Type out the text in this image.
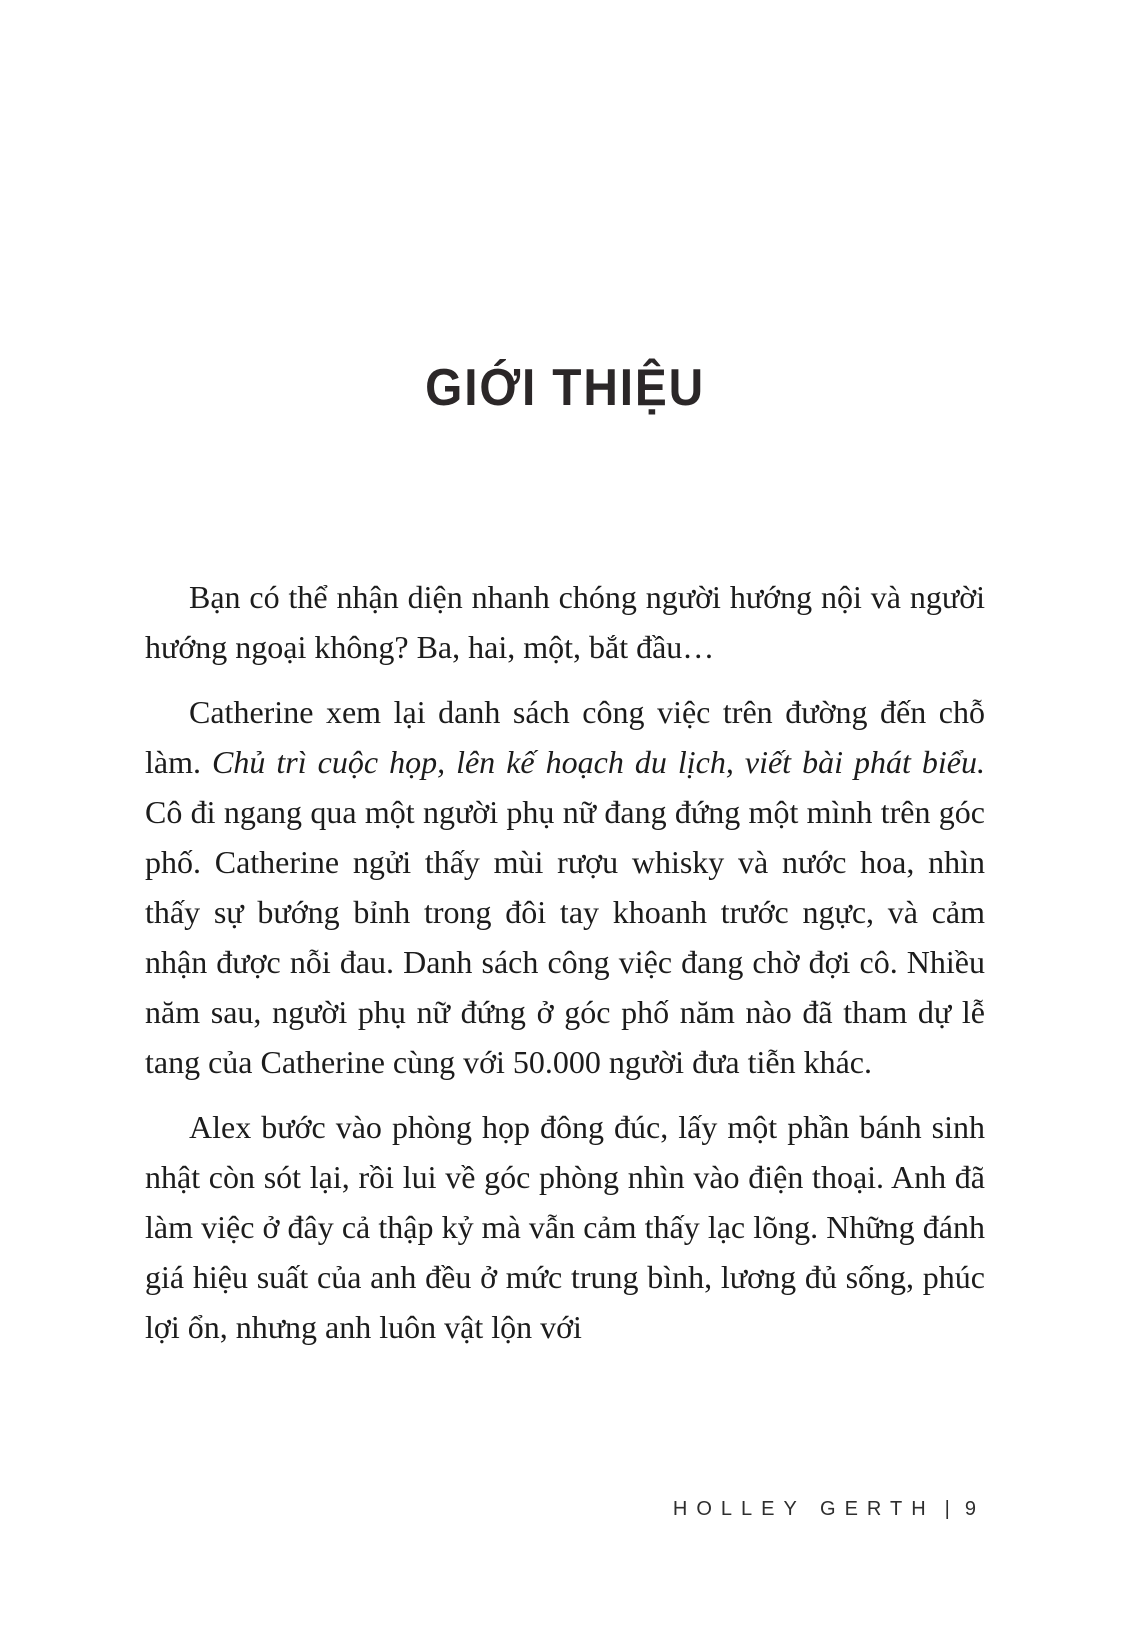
GIỚI THIỆU

Bạn có thể nhận diện nhanh chóng người hướng nội và người hướng ngoại không? Ba, hai, một, bắt đầu…

Catherine xem lại danh sách công việc trên đường đến chỗ làm. Chủ trì cuộc họp, lên kế hoạch du lịch, viết bài phát biểu. Cô đi ngang qua một người phụ nữ đang đứng một mình trên góc phố. Catherine ngửi thấy mùi rượu whisky và nước hoa, nhìn thấy sự bướng bỉnh trong đôi tay khoanh trước ngực, và cảm nhận được nỗi đau. Danh sách công việc đang chờ đợi cô. Nhiều năm sau, người phụ nữ đứng ở góc phố năm nào đã tham dự lễ tang của Catherine cùng với 50.000 người đưa tiễn khác.

Alex bước vào phòng họp đông đúc, lấy một phần bánh sinh nhật còn sót lại, rồi lui về góc phòng nhìn vào điện thoại. Anh đã làm việc ở đây cả thập kỷ mà vẫn cảm thấy lạc lõng. Những đánh giá hiệu suất của anh đều ở mức trung bình, lương đủ sống, phúc lợi ổn, nhưng anh luôn vật lộn với

HOLLEY GERTH | 9
